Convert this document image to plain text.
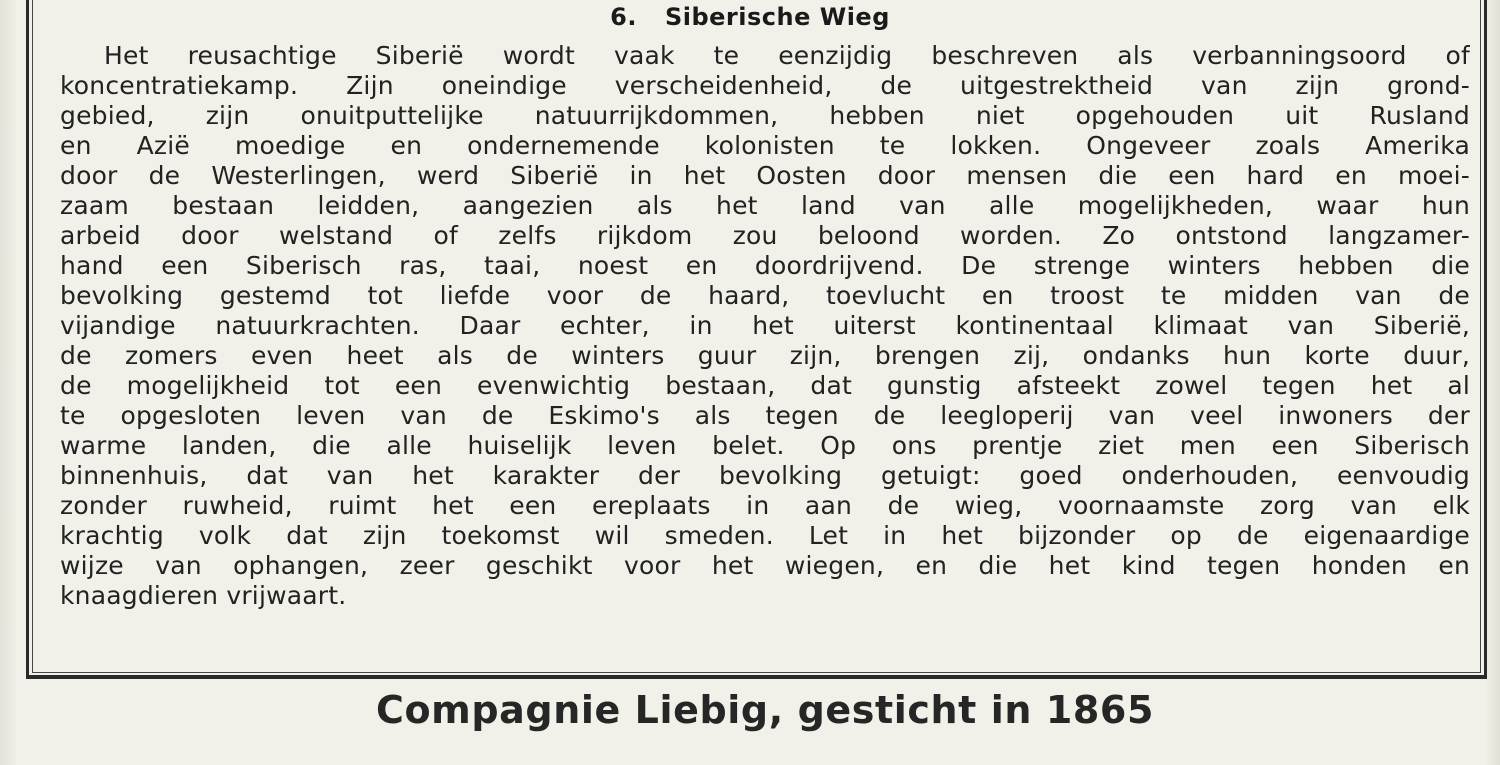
6. Siberische Wieg
Het reusachtige Siberië wordt vaak te eenzijdig beschreven als verbanningsoord of
koncentratiekamp. Zijn oneindige verscheidenheid, de uitgestrektheid van zijn grond-
gebied, zijn onuitputtelijke natuurrijkdommen, hebben niet opgehouden uit Rusland
en Azië moedige en ondernemende kolonisten te lokken. Ongeveer zoals Amerika
door de Westerlingen, werd Siberië in het Oosten door mensen die een hard en moei-
zaam bestaan leidden, aangezien als het land van alle mogelijkheden, waar hun
arbeid door welstand of zelfs rijkdom zou beloond worden. Zo ontstond langzamer-
hand een Siberisch ras, taai, noest en doordrijvend. De strenge winters hebben die
bevolking gestemd tot liefde voor de haard, toevlucht en troost te midden van de
vijandige natuurkrachten. Daar echter, in het uiterst kontinentaal klimaat van Siberië,
de zomers even heet als de winters guur zijn, brengen zij, ondanks hun korte duur,
de mogelijkheid tot een evenwichtig bestaan, dat gunstig afsteekt zowel tegen het al
te opgesloten leven van de Eskimo's als tegen de leegloperij van veel inwoners der
warme landen, die alle huiselijk leven belet. Op ons prentje ziet men een Siberisch
binnenhuis, dat van het karakter der bevolking getuigt: goed onderhouden, eenvoudig
zonder ruwheid, ruimt het een ereplaats in aan de wieg, voornaamste zorg van elk
krachtig volk dat zijn toekomst wil smeden. Let in het bijzonder op de eigenaardige
wijze van ophangen, zeer geschikt voor het wiegen, en die het kind tegen honden en
knaagdieren vrijwaart.
Compagnie Liebig, gesticht in 1865
